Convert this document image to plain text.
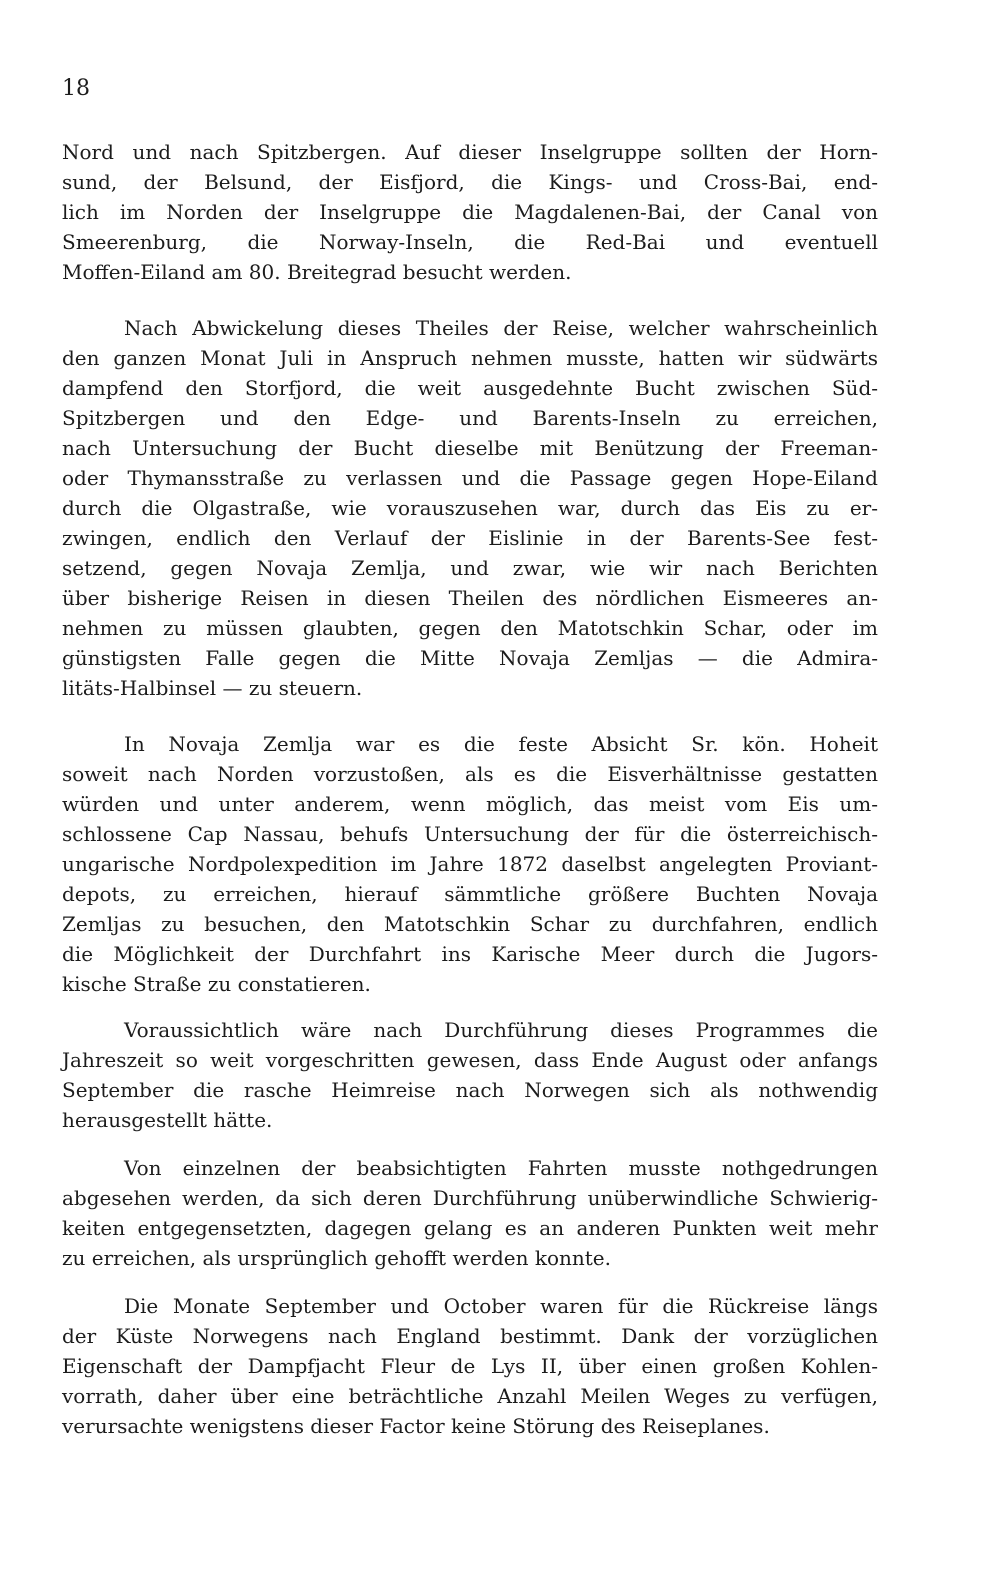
18
Nord und nach Spitzbergen. Auf dieser Inselgruppe sollten der Horn-
sund, der Belsund, der Eisfjord, die Kings- und Cross-Bai, end-
lich im Norden der Inselgruppe die Magdalenen-Bai, der Canal von
Smeerenburg, die Norway-Inseln, die Red-Bai und eventuell
Moffen-Eiland am 80. Breitegrad besucht werden.
Nach Abwickelung dieses Theiles der Reise, welcher wahrscheinlich
den ganzen Monat Juli in Anspruch nehmen musste, hatten wir südwärts
dampfend den Storfjord, die weit ausgedehnte Bucht zwischen Süd-
Spitzbergen und den Edge- und Barents-Inseln zu erreichen,
nach Untersuchung der Bucht dieselbe mit Benützung der Freeman-
oder Thymansstraße zu verlassen und die Passage gegen Hope-Eiland
durch die Olgastraße, wie vorauszusehen war, durch das Eis zu er-
zwingen, endlich den Verlauf der Eislinie in der Barents-See fest-
setzend, gegen Novaja Zemlja, und zwar, wie wir nach Berichten
über bisherige Reisen in diesen Theilen des nördlichen Eismeeres an-
nehmen zu müssen glaubten, gegen den Matotschkin Schar, oder im
günstigsten Falle gegen die Mitte Novaja Zemljas — die Admira-
litäts-Halbinsel — zu steuern.
In Novaja Zemlja war es die feste Absicht Sr. kön. Hoheit
soweit nach Norden vorzustoßen, als es die Eisverhältnisse gestatten
würden und unter anderem, wenn möglich, das meist vom Eis um-
schlossene Cap Nassau, behufs Untersuchung der für die österreichisch-
ungarische Nordpolexpedition im Jahre 1872 daselbst angelegten Proviant-
depots, zu erreichen, hierauf sämmtliche größere Buchten Novaja
Zemljas zu besuchen, den Matotschkin Schar zu durchfahren, endlich
die Möglichkeit der Durchfahrt ins Karische Meer durch die Jugors-
kische Straße zu constatieren.
Voraussichtlich wäre nach Durchführung dieses Programmes die
Jahreszeit so weit vorgeschritten gewesen, dass Ende August oder anfangs
September die rasche Heimreise nach Norwegen sich als nothwendig
herausgestellt hätte.
Von einzelnen der beabsichtigten Fahrten musste nothgedrungen
abgesehen werden, da sich deren Durchführung unüberwindliche Schwierig-
keiten entgegensetzten, dagegen gelang es an anderen Punkten weit mehr
zu erreichen, als ursprünglich gehofft werden konnte.
Die Monate September und October waren für die Rückreise längs
der Küste Norwegens nach England bestimmt. Dank der vorzüglichen
Eigenschaft der Dampfjacht Fleur de Lys II, über einen großen Kohlen-
vorrath, daher über eine beträchtliche Anzahl Meilen Weges zu verfügen,
verursachte wenigstens dieser Factor keine Störung des Reiseplanes.
